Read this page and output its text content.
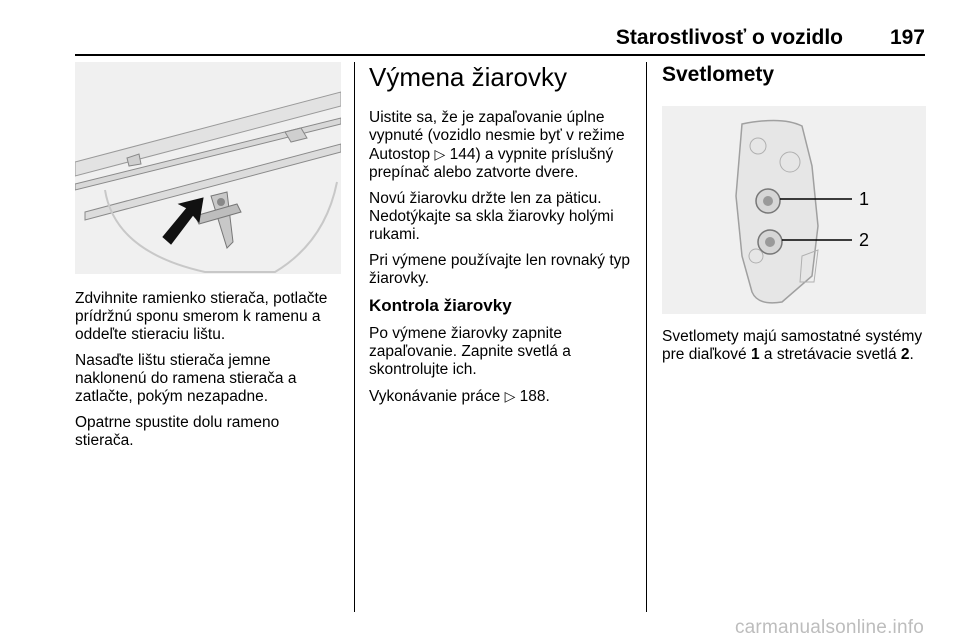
Starostlivosť o vozidlo 197

Zdvihnite ramienko stierača, potlačte prídržnú sponu smerom k ramenu a oddeľte stieraciu lištu.

Nasaďte lištu stierača jemne naklonenú do ramena stierača a zatlačte, pokým nezapadne.

Opatrne spustite dolu rameno stierača.

Výmena žiarovky

Uistite sa, že je zapaľovanie úplne vypnuté (vozidlo nesmie byť v režime Autostop ▷ 144) a vypnite príslušný prepínač alebo zatvorte dvere.

Novú žiarovku držte len za päticu. Nedotýkajte sa skla žiarovky holými rukami.

Pri výmene používajte len rovnaký typ žiarovky.

Kontrola žiarovky

Po výmene žiarovky zapnite zapaľovanie. Zapnite svetlá a skontrolujte ich.

Vykonávanie práce ▷ 188.

Svetlomety
1
2

Svetlomety majú samostatné systémy pre diaľkové 1 a stretávacie svetlá 2.

carmanualsonline.info
